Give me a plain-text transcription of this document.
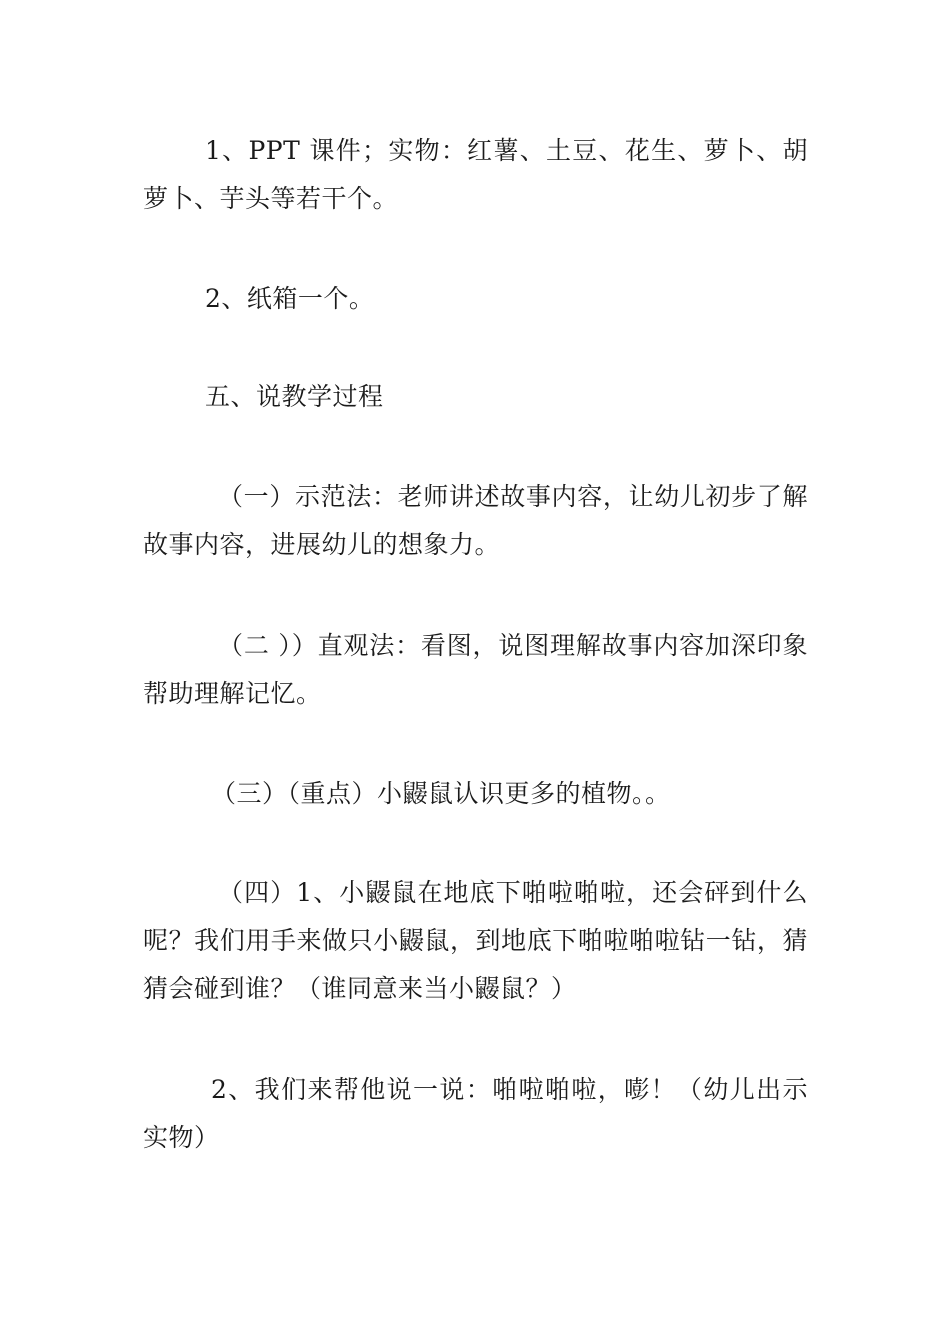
1、PPT 课件；实物：红薯、土豆、花生、萝卜、胡萝卜、芋头等若干个。

2、纸箱一个。

五、说教学过程

（一）示范法：老师讲述故事内容，让幼儿初步了解故事内容，进展幼儿的想象力。

（二 ））直观法：看图，说图理解故事内容加深印象帮助理解记忆。

（三）（重点）小鼹鼠认识更多的植物。。

（四）1、小鼹鼠在地底下啪啦啪啦，还会砰到什么呢？我们用手来做只小鼹鼠，到地底下啪啦啪啦钻一钻，猜猜会碰到谁？（谁同意来当小鼹鼠？）

2、我们来帮他说一说：啪啦啪啦，嘭！（幼儿出示实物）
